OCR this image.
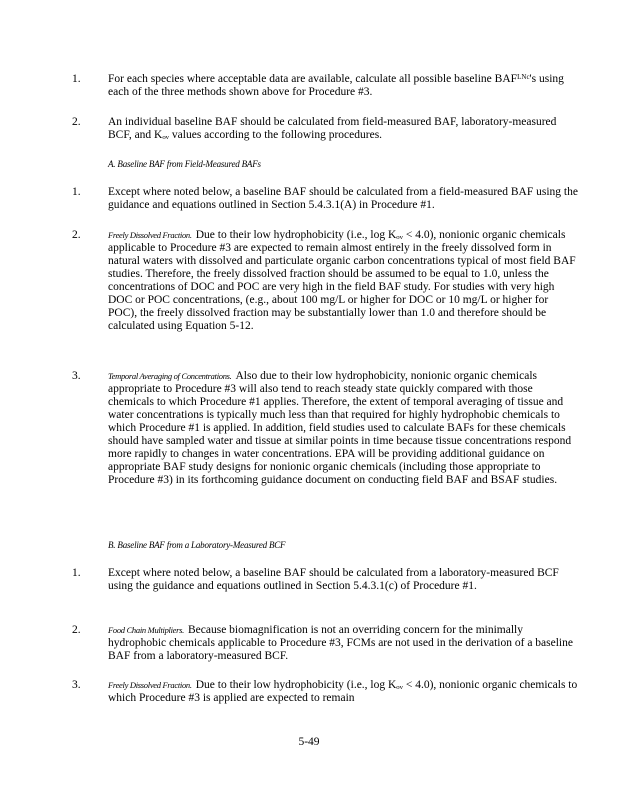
1. For each species where acceptable data are available, calculate all possible baseline BAFᴸᴺᶜ's using each of the three methods shown above for Procedure #3.
2. An individual baseline BAF should be calculated from field-measured BAF, laboratory-measured BCF, and Kₒᵥ values according to the following procedures.
A. Baseline BAF from Field-Measured BAFs
1. Except where noted below, a baseline BAF should be calculated from a field-measured BAF using the guidance and equations outlined in Section 5.4.3.1(A) in Procedure #1.
2.	Freely Dissolved Fraction. Due to their low hydrophobicity (i.e., log Kₒᵥ < 4.0), nonionic organic chemicals applicable to Procedure #3 are expected to remain almost entirely in the freely dissolved form in natural waters with dissolved and particulate organic carbon concentrations typical of most field BAF studies. Therefore, the freely dissolved fraction should be assumed to be equal to 1.0, unless the concentrations of DOC and POC are very high in the field BAF study. For studies with very high DOC or POC concentrations, (e.g., about 100 mg/L or higher for DOC or 10 mg/L or higher for POC), the freely dissolved fraction may be substantially lower than 1.0 and therefore should be calculated using Equation 5-12.
3.	Temporal Averaging of Concentrations. Also due to their low hydrophobicity, nonionic organic chemicals appropriate to Procedure #3 will also tend to reach steady state quickly compared with those chemicals to which Procedure #1 applies. Therefore, the extent of temporal averaging of tissue and water concentrations is typically much less than that required for highly hydrophobic chemicals to which Procedure #1 is applied. In addition, field studies used to calculate BAFs for these chemicals should have sampled water and tissue at similar points in time because tissue concentrations respond more rapidly to changes in water concentrations. EPA will be providing additional guidance on appropriate BAF study designs for nonionic organic chemicals (including those appropriate to Procedure #3) in its forthcoming guidance document on conducting field BAF and BSAF studies.
B. Baseline BAF from a Laboratory-Measured BCF
1. Except where noted below, a baseline BAF should be calculated from a laboratory-measured BCF using the guidance and equations outlined in Section 5.4.3.1(c) of Procedure #1.
2.	Food Chain Multipliers. Because biomagnification is not an overriding concern for the minimally hydrophobic chemicals applicable to Procedure #3, FCMs are not used in the derivation of a baseline BAF from a laboratory-measured BCF.
3.	Freely Dissolved Fraction. Due to their low hydrophobicity (i.e., log Kₒᵥ < 4.0), nonionic organic chemicals to which Procedure #3 is applied are expected to remain
5-49
